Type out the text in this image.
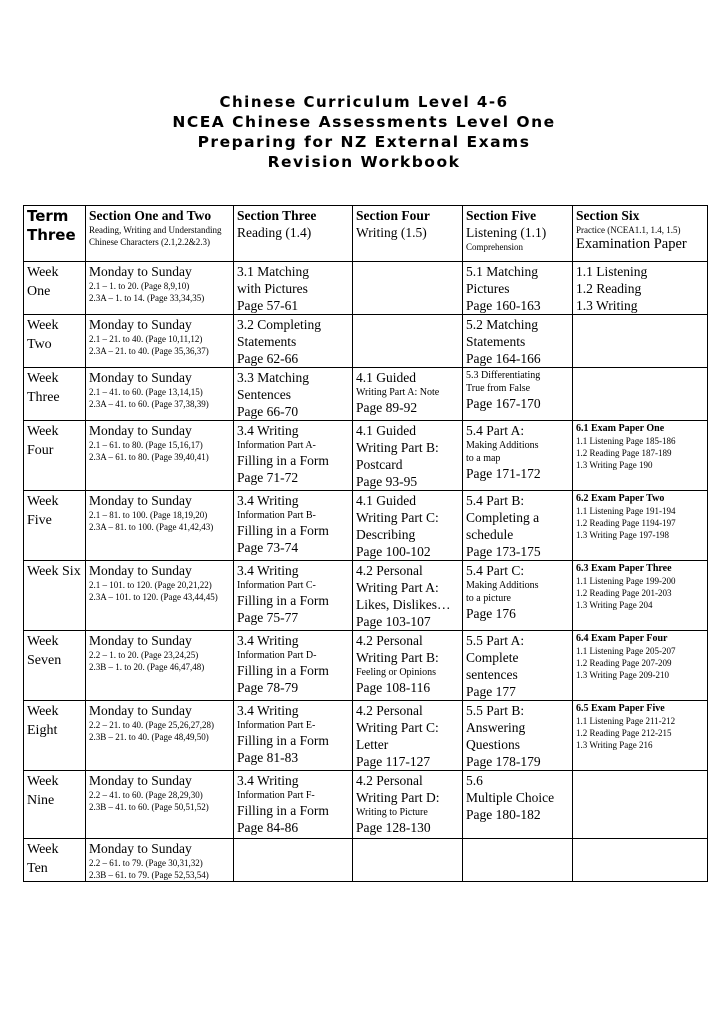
Chinese Curriculum Level 4-6
NCEA Chinese Assessments Level One
Preparing for NZ External Exams
Revision Workbook
Term Three	Section One and Two
Reading, Writing and Understanding
Chinese Characters (2.1,2.2&2.3)	Section Three
Reading (1.4)	Section Four
Writing (1.5)	Section Five
Listening (1.1)
Comprehension	Section Six
Practice (NCEA1.1, 1.4, 1.5)
Examination Paper

Week One	Monday to Sunday
2.1 – 1. to 20. (Page 8,9,10)
2.3A – 1. to 14. (Page 33,34,35)	3.1 Matching
with Pictures
Page 57-61		5.1 Matching
Pictures
Page 160-163	1.1 Listening
1.2 Reading
1.3 Writing

Week Two	Monday to Sunday
2.1 – 21. to 40. (Page 10,11,12)
2.3A – 21. to 40. (Page 35,36,37)	3.2 Completing
Statements
Page 62-66		5.2 Matching
Statements
Page 164-166	

Week Three	Monday to Sunday
2.1 – 41. to 60. (Page 13,14,15)
2.3A – 41. to 60. (Page 37,38,39)	3.3 Matching
Sentences
Page 66-70	4.1 Guided
Writing Part A: Note
Page 89-92	5.3 Differentiating
True from False
Page 167-170	

Week Four	Monday to Sunday
2.1 – 61. to 80. (Page 15,16,17)
2.3A – 61. to 80. (Page 39,40,41)	3.4 Writing
Information Part A-
Filling in a Form
Page 71-72	4.1 Guided
Writing Part B:
Postcard
Page 93-95	5.4 Part A:
Making Additions
to a map
Page 171-172	6.1 Exam Paper One
1.1 Listening Page 185-186
1.2 Reading Page 187-189
1.3 Writing Page 190

Week Five	Monday to Sunday
2.1 – 81. to 100. (Page 18,19,20)
2.3A – 81. to 100. (Page 41,42,43)	3.4 Writing
Information Part B-
Filling in a Form
Page 73-74	4.1 Guided
Writing Part C:
Describing
Page 100-102	5.4 Part B:
Completing a
schedule
Page 173-175	6.2 Exam Paper Two
1.1 Listening Page 191-194
1.2 Reading Page 1194-197
1.3 Writing Page 197-198

Week Six	Monday to Sunday
2.1 – 101. to 120. (Page 20,21,22)
2.3A – 101. to 120. (Page 43,44,45)	3.4 Writing
Information Part C-
Filling in a Form
Page 75-77	4.2 Personal
Writing Part A:
Likes, Dislikes…
Page 103-107	5.4 Part C:
Making Additions
to a picture
Page 176	6.3 Exam Paper Three
1.1 Listening Page 199-200
1.2 Reading Page 201-203
1.3 Writing Page 204

Week Seven	Monday to Sunday
2.2 – 1. to 20. (Page 23,24,25)
2.3B – 1. to 20. (Page 46,47,48)	3.4 Writing
Information Part D-
Filling in a Form
Page 78-79	4.2 Personal
Writing Part B:
Feeling or Opinions
Page 108-116	5.5 Part A:
Complete
sentences
Page 177	6.4 Exam Paper Four
1.1 Listening Page 205-207
1.2 Reading Page 207-209
1.3 Writing Page 209-210

Week Eight	Monday to Sunday
2.2 – 21. to 40. (Page 25,26,27,28)
2.3B – 21. to 40. (Page 48,49,50)	3.4 Writing
Information Part E-
Filling in a Form
Page 81-83	4.2 Personal
Writing Part C:
Letter
Page 117-127	5.5 Part B:
Answering
Questions
Page 178-179	6.5 Exam Paper Five
1.1 Listening Page 211-212
1.2 Reading Page 212-215
1.3 Writing Page 216

Week Nine	Monday to Sunday
2.2 – 41. to 60. (Page 28,29,30)
2.3B – 41. to 60. (Page 50,51,52)	3.4 Writing
Information Part F-
Filling in a Form
Page 84-86	4.2 Personal
Writing Part D:
Writing to Picture
Page 128-130	5.6
Multiple Choice
Page 180-182	

Week Ten	Monday to Sunday
2.2 – 61. to 79. (Page 30,31,32)
2.3B – 61. to 79. (Page 52,53,54)				
